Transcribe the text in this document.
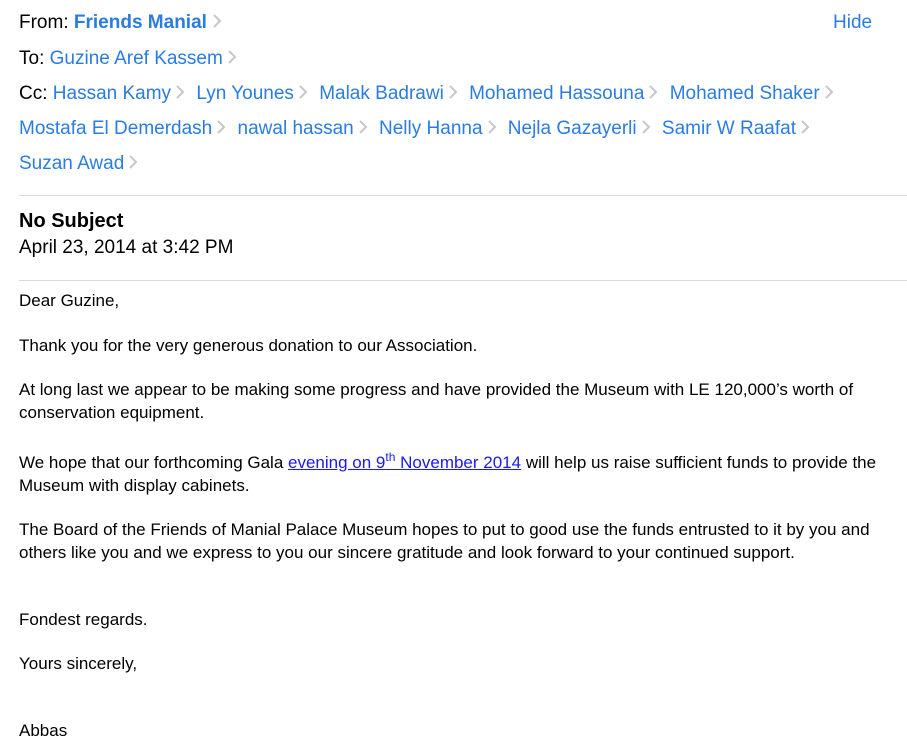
From: Friends Manial	Hide
To: Guzine Aref Kassem
Cc: Hassan Kamy Lyn Younes Malak Badrawi Mohamed Hassouna Mohamed Shaker
Mostafa El Demerdash nawal hassan Nelly Hanna Nejla Gazayerli Samir W Raafat
Suzan Awad
No Subject
April 23, 2014 at 3:42 PM
Dear Guzine,
Thank you for the very generous donation to our Association.
At long last we appear to be making some progress and have provided the Museum with LE 120,000’s worth of conservation equipment.
We hope that our forthcoming Gala evening on 9th November 2014 will help us raise sufficient funds to provide the Museum with display cabinets.
The Board of the Friends of Manial Palace Museum hopes to put to good use the funds entrusted to it by you and others like you and we express to you our sincere gratitude and look forward to your continued support.
Fondest regards.
Yours sincerely,
Abbas
